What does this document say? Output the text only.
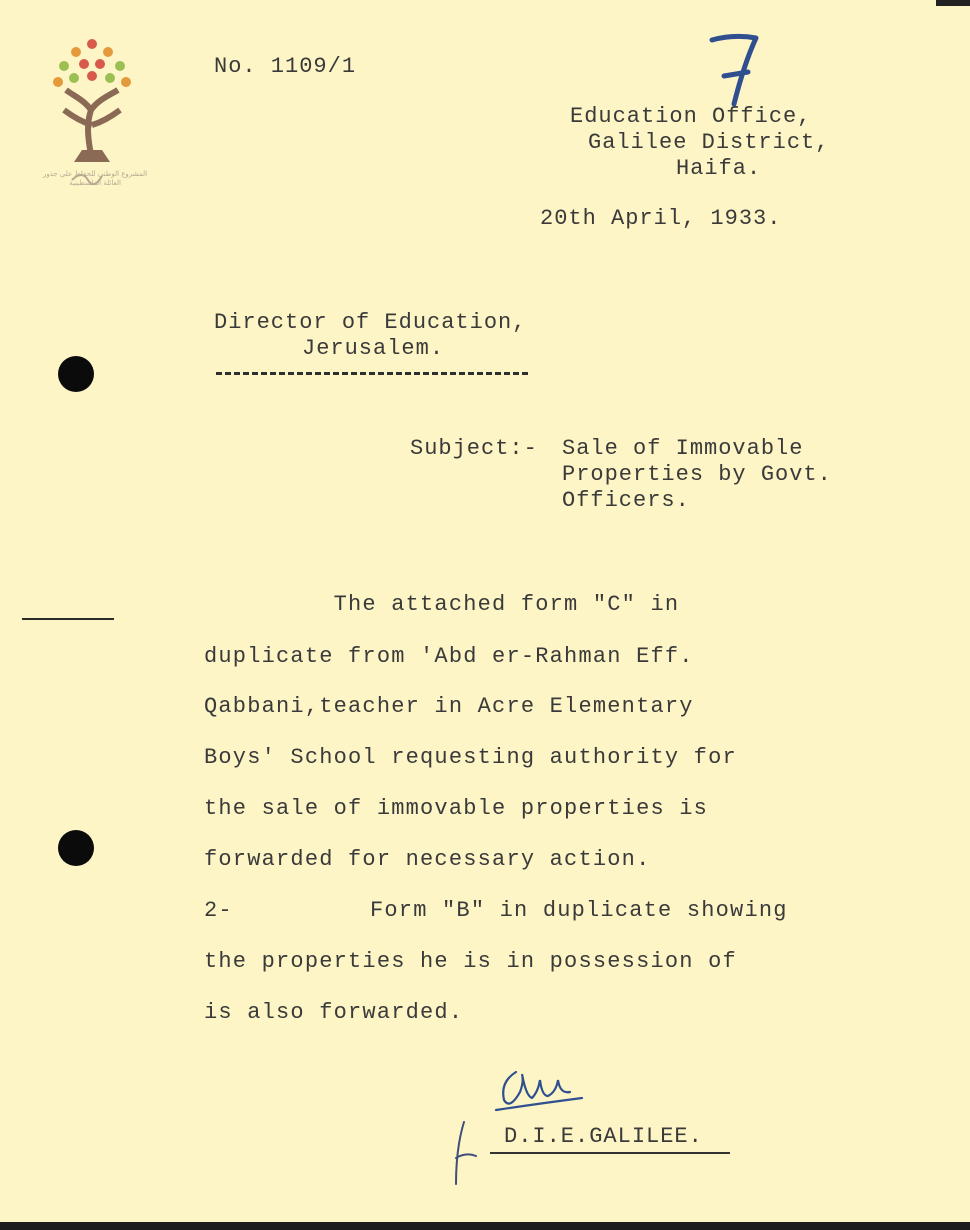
المشروع الوطني للحفاظ على جذور العائلة الفلسطينية
No. 1109/1
Education Office,
Galilee District,
Haifa.
20th April, 1933.
Director of Education,
Jerusalem.
Subject:- Sale of Immovable
Properties by Govt.
Officers.
The attached form "C" in
duplicate from 'Abd er-Rahman Eff.
Qabbani,teacher in Acre Elementary
Boys' School requesting authority for
the sale of immovable properties is
forwarded for necessary action.
2-	Form "B" in duplicate showing
the properties he is in possession of
is also forwarded.
D.I.E.GALILEE.
